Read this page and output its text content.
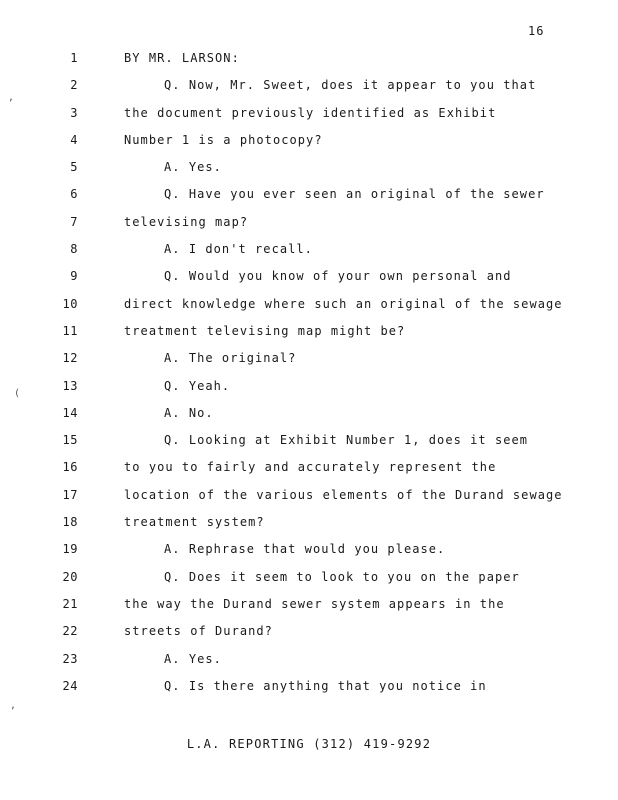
16
,
(
,
1	BY MR. LARSON:
2	Q. Now, Mr. Sweet, does it appear to you that
3	the document previously identified as Exhibit
4	Number 1 is a photocopy?
5	A. Yes.
6	Q. Have you ever seen an original of the sewer
7	televising map?
8	A. I don't recall.
9	Q. Would you know of your own personal and
10	direct knowledge where such an original of the sewage
11	treatment televising map might be?
12	A. The original?
13	Q. Yeah.
14	A. No.
15	Q. Looking at Exhibit Number 1, does it seem
16	to you to fairly and accurately represent the
17	location of the various elements of the Durand sewage
18	treatment system?
19	A. Rephrase that would you please.
20	Q. Does it seem to look to you on the paper
21	the way the Durand sewer system appears in the
22	streets of Durand?
23	A. Yes.
24	Q. Is there anything that you notice in
L.A. REPORTING (312) 419-9292
